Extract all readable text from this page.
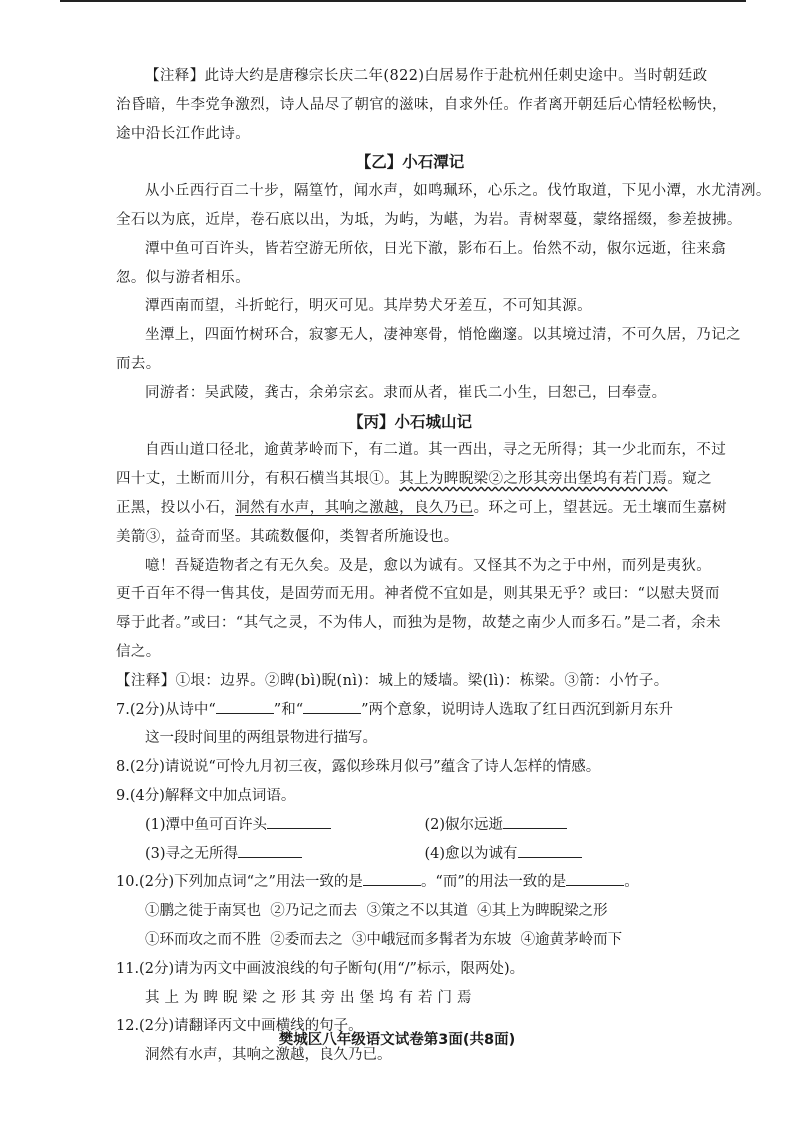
【注释】此诗大约是唐穆宗长庆二年(822)白居易作于赴杭州任刺史途中。当时朝廷政
治昏暗，牛李党争激烈，诗人品尽了朝官的滋味，自求外任。作者离开朝廷后心情轻松畅快，
途中沿长江作此诗。
【乙】小石潭记
从小丘西行百二十步，隔篁竹，闻水声，如鸣珮环，心乐之。伐竹取道，下见小潭，水尤清冽。
全石以为底，近岸，卷石底以出，为坻，为屿，为嵁，为岩。青树翠蔓，蒙络摇缀，参差披拂。
潭中鱼可百许头，皆若空游无所依，日光下澈，影布石上。佁然不动，俶尔远逝，往来翕
忽。似与游者相乐。
潭西南而望，斗折蛇行，明灭可见。其岸势犬牙差互，不可知其源。
坐潭上，四面竹树环合，寂寥无人，凄神寒骨，悄怆幽邃。以其境过清，不可久居，乃记之
而去。
同游者：吴武陵，龚古，余弟宗玄。隶而从者，崔氏二小生，曰恕己，曰奉壹。
【丙】小石城山记
自西山道口径北，逾黄茅岭而下，有二道。其一西出，寻之无所得；其一少北而东，不过
四十丈，土断而川分，有积石横当其垠①。其上为睥睨梁②之形其旁出堡坞有若门焉。窥之
正黑，投以小石，洞然有水声，其响之激越，良久乃已。环之可上，望甚远。无土壤而生嘉树
美箭③，益奇而坚。其疏数偃仰，类智者所施设也。
噫！吾疑造物者之有无久矣。及是，愈以为诚有。又怪其不为之于中州，而列是夷狄。
更千百年不得一售其伎，是固劳而无用。神者傥不宜如是，则其果无乎？或曰：“以慰夫贤而
辱于此者。”或曰：“其气之灵，不为伟人，而独为是物，故楚之南少人而多石。”是二者，余未
信之。
【注释】①垠：边界。②睥(bì)睨(nì)：城上的矮墙。梁(lì)：栋梁。③箭：小竹子。
7.(2分)从诗中“	”和“	”两个意象，说明诗人选取了红日西沉到新月东升
这一段时间里的两组景物进行描写。
8.(2分)请说说“可怜九月初三夜，露似珍珠月似弓”蕴含了诗人怎样的情感。
9.(4分)解释文中加点词语。
(1)潭中鱼可百许头	(2)俶尔远逝
(3)寻之无所得	(4)愈以为诚有
10.(2分)下列加点词“之”用法一致的是	。“而”的用法一致的是	。
①鹏之徙于南冥也 ②乃记之而去 ③策之不以其道 ④其上为睥睨梁之形
①环而攻之而不胜 ②委而去之 ③中峨冠而多髯者为东坡 ④逾黄茅岭而下
11.(2分)请为丙文中画波浪线的句子断句(用“/”标示，限两处)。
其上为睥睨梁之形其旁出堡坞有若门焉
12.(2分)请翻译丙文中画横线的句子。
洞然有水声，其响之激越，良久乃已。
樊城区八年级语文试卷第3面(共8面)
